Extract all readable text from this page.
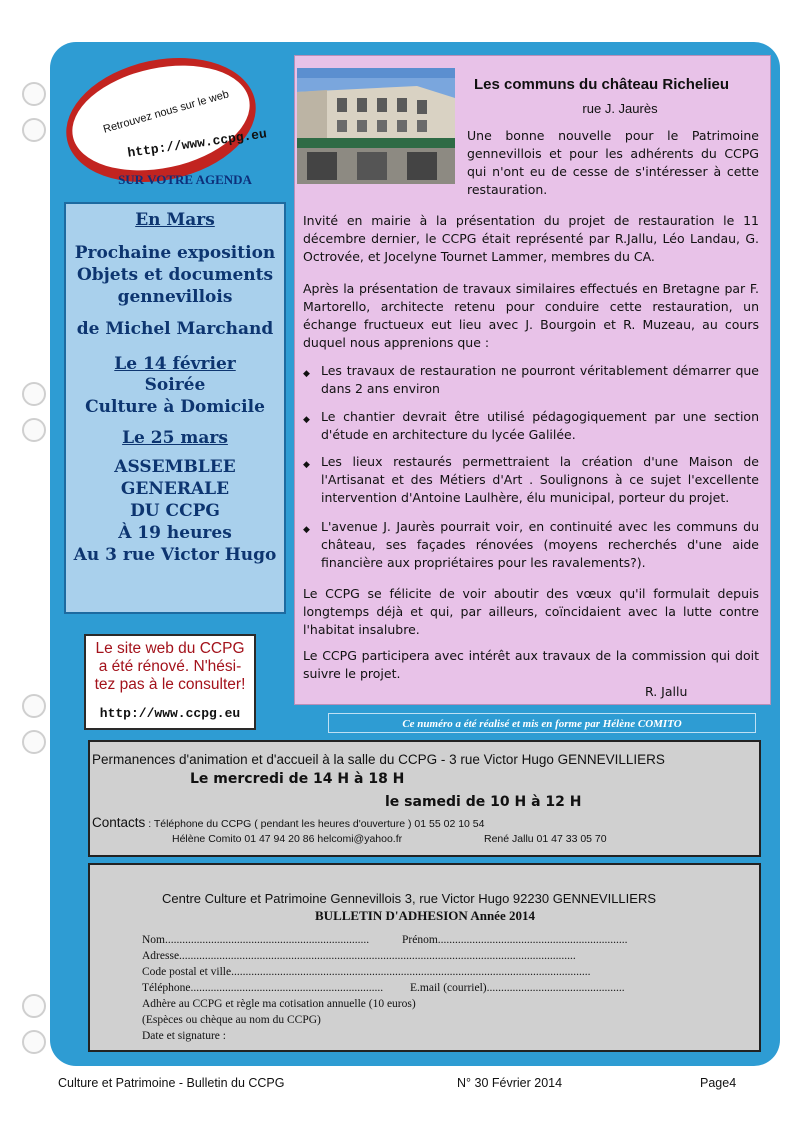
Retrouvez nous sur le web
http://www.ccpg.eu
SUR VOTRE AGENDA
En Mars
Prochaine exposition
Objets et documents
gennevillois
de Michel Marchand
Le 14 février
Soirée
Culture à Domicile
Le 25 mars
ASSEMBLEE
GENERALE
DU CCPG
À 19 heures
Au 3 rue Victor Hugo
Le site web du CCPG
a été rénové. N'hési-
tez pas à le consulter!
http://www.ccpg.eu
Les communs du château Richelieu
rue J. Jaurès
Une bonne nouvelle pour le Patrimoine gennevillois et pour les adhérents du CCPG qui n'ont eu de cesse de s'intéresser à cette restauration.
Invité en mairie à la présentation du projet de restauration le 11 décembre dernier, le CCPG était représenté par R.Jallu, Léo Landau, G. Octrovée, et Jocelyne Tournet Lammer, membres du CA.
Après la présentation de travaux similaires effectués en Bretagne par F. Martorello, architecte retenu pour conduire cette restauration, un échange fructueux eut lieu avec J. Bourgoin et R. Muzeau, au cours duquel nous apprenions que :
◆ Les travaux de restauration ne pourront véritablement démarrer que dans 2 ans environ
◆ Le chantier devrait être utilisé pédagogiquement par une section d'étude en architecture du lycée Galilée.
◆ Les lieux restaurés permettraient la création d'une Maison de l'Artisanat et des Métiers d'Art . Soulignons à ce sujet l'excellente intervention d'Antoine Laulhère, élu municipal, porteur du projet.
◆ L'avenue J. Jaurès pourrait voir, en continuité avec les communs du château, ses façades rénovées (moyens recherchés d'une aide financière aux propriétaires pour les ravalements?).
Le CCPG se félicite de voir aboutir des vœux qu'il formulait depuis longtemps déjà et qui, par ailleurs, coïncidaient avec la lutte contre l'habitat insalubre.
Le CCPG participera avec intérêt aux travaux de la commission qui doit suivre le projet.
R. Jallu
Ce numéro a été réalisé et mis en forme par Hélène COMITO
Permanences d'animation et d'accueil à la salle du CCPG - 3 rue Victor Hugo GENNEVILLIERS
Le mercredi de 14 H à 18 H
le samedi de 10 H à 12 H
Contacts : Téléphone du CCPG ( pendant les heures d'ouverture ) 01 55 02 10 54
Hélène Comito 01 47 94 20 86 helcomi@yahoo.fr	René Jallu 01 47 33 05 70
Centre Culture et Patrimoine Gennevillois 3, rue Victor Hugo 92230 GENNEVILLIERS
BULLETIN D'ADHESION Année 2014
Nom.......................................................................	Prénom..................................................................
Adresse..........................................................................................................................................
Code postal et ville.............................................................................................................................
Téléphone................................................................... E.mail (courriel)................................................
Adhère au CCPG et règle ma cotisation annuelle (10 euros)
(Espèces ou chèque au nom du CCPG)
Date et signature :
Culture et Patrimoine - Bulletin du CCPG	N° 30 Février 2014	Page4
